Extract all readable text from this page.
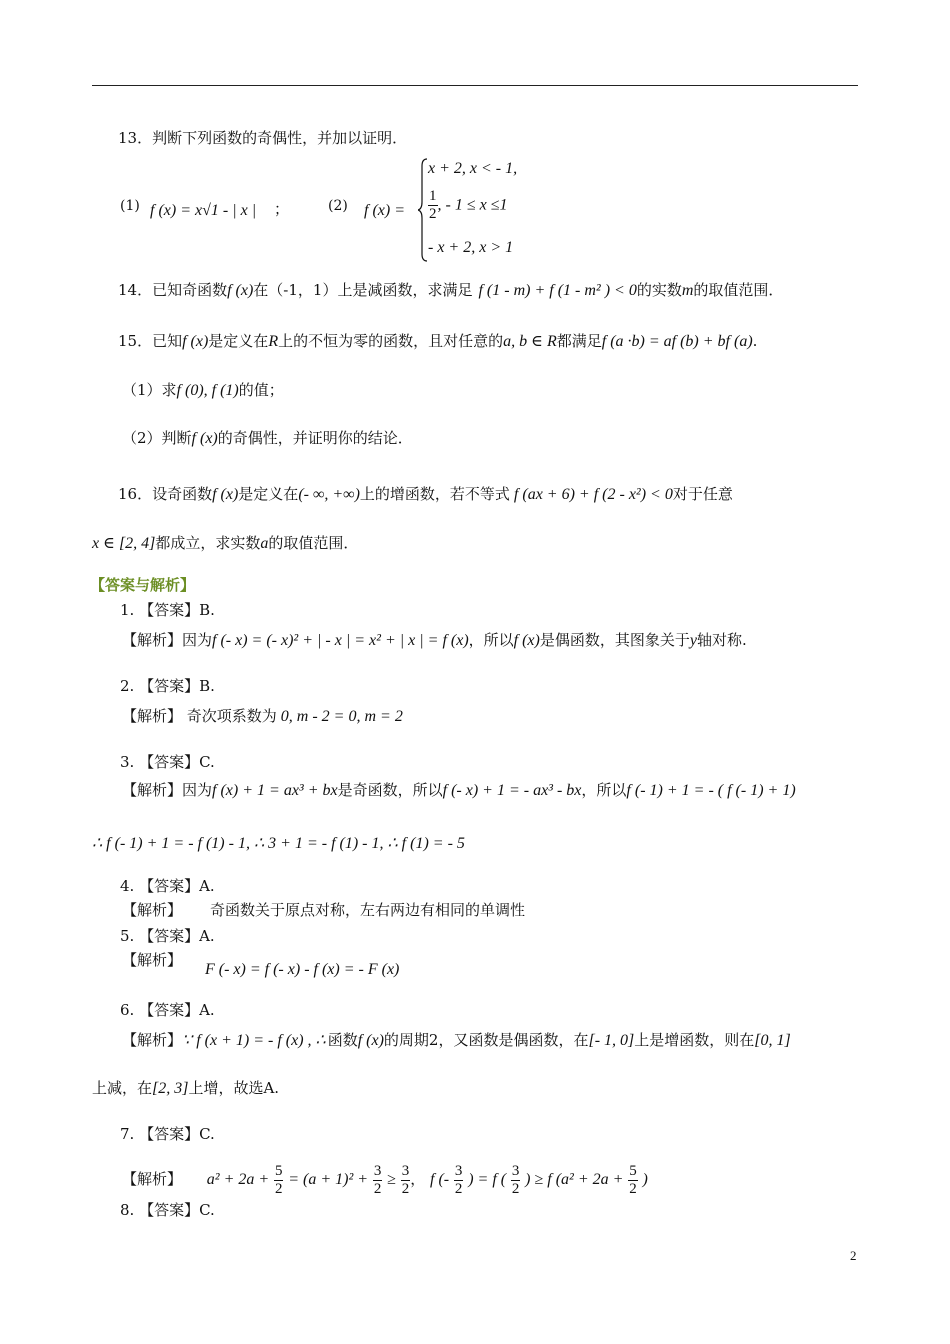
13．判断下列函数的奇偶性，并加以证明．
(1) f (x) = x√1 - | x | ；	(2) f (x) =
x + 2, x < - 1,
$\frac{1}{2}$ , - 1 ≤ x ≤1
- x + 2, x > 1
14．已知奇函数f (x)在（-1，1）上是减函数，求满足 f (1 - m) + f (1 - m² ) < 0的实数m的取值范围．
15．已知f (x)是定义在R上的不恒为零的函数，且对任意的a, b ∈ R都满足f (a ·b) = af (b) + bf (a).
（1）求f (0), f (1)的值；
（2）判断f (x)的奇偶性，并证明你的结论．
16．设奇函数f (x)是定义在(- ∞, +∞)上的增函数，若不等式 f (ax + 6) + f (2 - x²) < 0对于任意
x ∈ [2, 4]都成立，求实数a的取值范围．
【答案与解析】
1. 【答案】B.
【解析】因为f (- x) = (- x)² + | - x | = x² + | x | = f (x)，所以f (x)是偶函数，其图象关于y轴对称.
2. 【答案】B.
【解析】 奇次项系数为 0, m - 2 = 0, m = 2
3. 【答案】C.
【解析】因为f (x) + 1 = ax³ + bx是奇函数，所以f (- x) + 1 = - ax³ - bx，所以f (- 1) + 1 = - ( f (- 1) + 1)
∴ f (- 1) + 1 = - f (1) - 1, ∴ 3 + 1 = - f (1) - 1, ∴ f (1) = - 5
4. 【答案】A.
【解析】 奇函数关于原点对称，左右两边有相同的单调性
5. 【答案】A.
【解析】
F (- x) = f (- x) - f (x) = - F (x)
6. 【答案】A.
【解析】∵ f (x + 1) = - f (x) , ∴ 函数f (x)的周期2，又函数是偶函数，在[- 1, 0]上是增函数，则在[0, 1]
上减，在[2, 3]上增，故选A.
7. 【答案】C.
【解析】 $a^2 + 2a + \frac{5}{2} = (a + 1)^2 + \frac{3}{2} \ge \frac{3}{2}$ ， f (- $\frac{3}{2}$ ) = f ( $\frac{3}{2}$ ) ≥ f ($a^2 + 2a + \frac{5}{2}$ )
8. 【答案】C.
2
